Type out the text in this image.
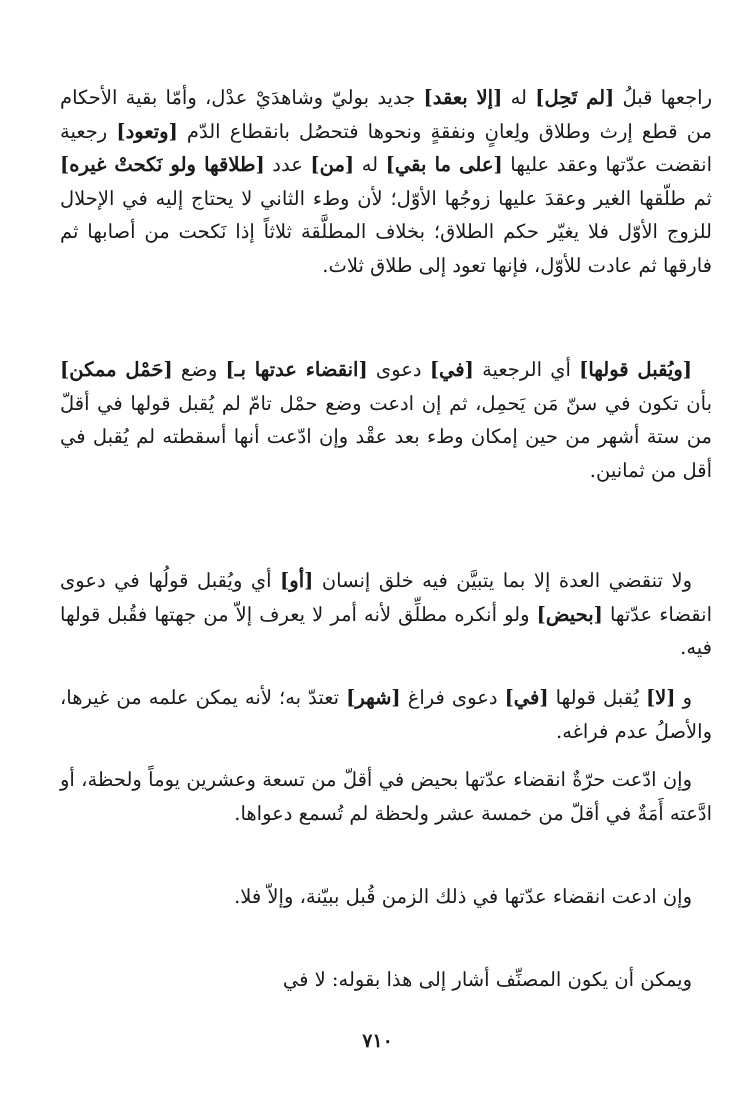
راجعها قبلُ [لم تَحِل] له [إلا بعقد] جديد بوليّ وشاهدَيْ عدْل، وأمّا بقية الأحكام من قطع إرث وطلاق ولِعانٍ ونفقةٍ ونحوها فتحصُل بانقطاع الدّم [وتعود] رجعية انقضت عدّتها وعقد عليها [على ما بقي] له [من] عدد [طلاقها ولو نَكحتْ غيره] ثم طلّقها الغير وعقدَ عليها زوجُها الأوّل؛ لأن وطء الثاني لا يحتاج إليه في الإحلال للزوج الأوّل فلا يغيّر حكم الطلاق؛ بخلاف المطلَّقة ثلاثاً إذا نَكحت من أصابها ثم فارقها ثم عادت للأوّل، فإنها تعود إلى طلاق ثلاث.

[ويُقبل قولها] أي الرجعية [في] دعوى [انقضاء عدتها بـ] وضع [حَمْل ممكن] بأن تكون في سنّ مَن يَحمِل، ثم إن ادعت وضع حمْل تامّ لم يُقبل قولها في أقلّ من ستة أشهر من حين إمكان وطء بعد عقْد وإن ادّعت أنها أسقطته لم يُقبل في أقل من ثمانين.

ولا تنقضي العدة إلا بما يتبيَّن فيه خلق إنسان [أو] أي ويُقبل قولُها في دعوى انقضاء عدّتها [بحيض] ولو أنكره مطلِّق لأنه أمر لا يعرف إلاّ من جهتها فقُبل قولها فيه.

و [لا] يُقبل قولها [في] دعوى فراغ [شهر] تعتدّ به؛ لأنه يمكن علمه من غيرها، والأصلُ عدم فراغه.

وإن ادّعت حرّةٌ انقضاء عدّتها بحيض في أقلّ من تسعة وعشرين يوماً ولحظة، أو ادَّعته أَمَةٌ في أقلّ من خمسة عشر ولحظة لم تُسمع دعواها.

وإن ادعت انقضاء عدّتها في ذلك الزمن قُبل ببيّنة، وإلاّ فلا.

ويمكن أن يكون المصنِّف أشار إلى هذا بقوله: لا في

٧١٠
